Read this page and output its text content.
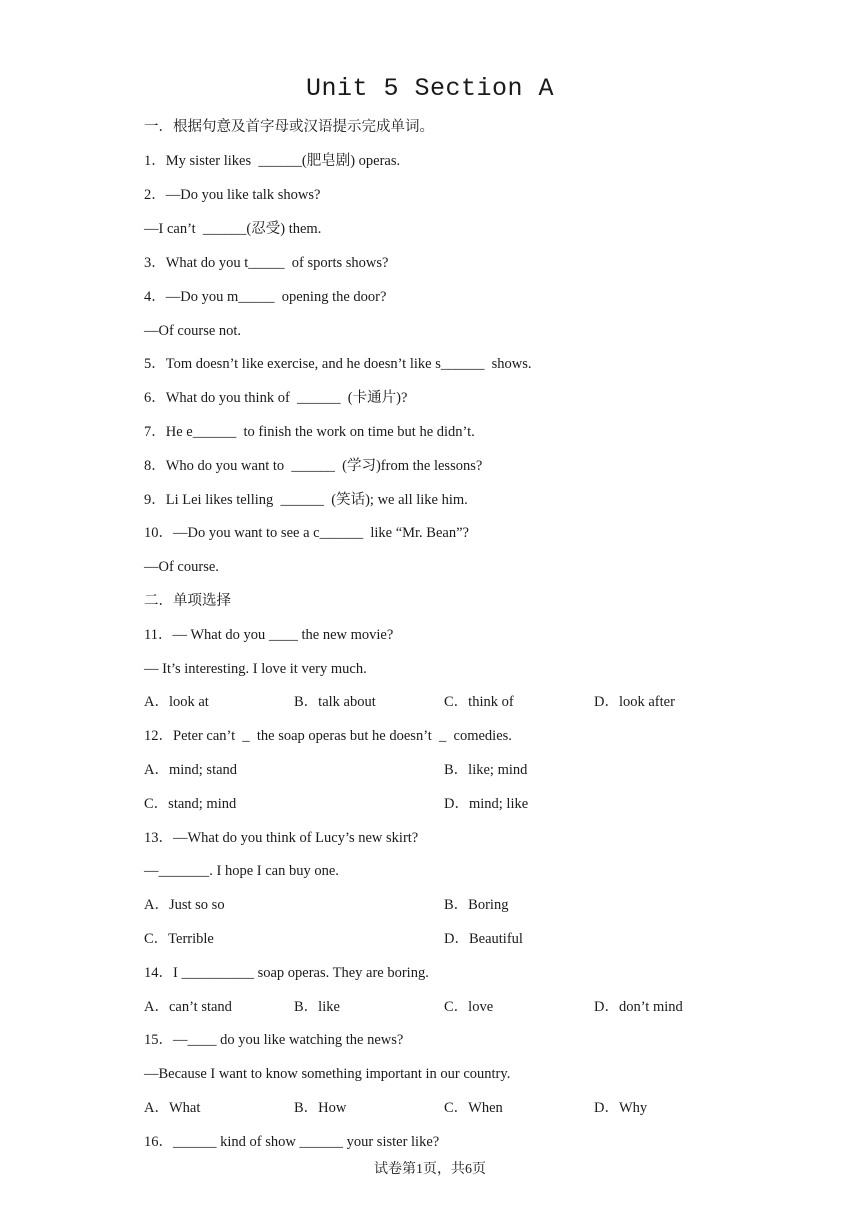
Unit 5 Section A
一．根据句意及首字母或汉语提示完成单词。
1．My sister likes  ______(肥皂剧) operas.
2．—Do you like talk shows?
—I can’t  ______(忍受) them.
3．What do you t_____  of sports shows?
4．—Do you m_____  opening the door?
—Of course not.
5．Tom doesn’t like exercise, and he doesn’t like s______  shows.
6．What do you think of  ______  (卡通片)?
7．He e______  to finish the work on time but he didn’t.
8．Who do you want to  ______  (学习)from the lessons?
9．Li Lei likes telling  ______  (笑话); we all like him.
10．—Do you want to see a c______  like “Mr. Bean”?
—Of course.
二．单项选择
11．— What do you ____ the new movie?
— It’s interesting. I love it very much.
A．look at	B．talk about	C．think of	D．look after
12．Peter can’t  _  the soap operas but he doesn’t  _  comedies.
A．mind; stand	B．like; mind
C．stand; mind	D．mind; like
13．—What do you think of Lucy’s new skirt?
—_______. I hope I can buy one.
A．Just so so	B．Boring
C．Terrible	D．Beautiful
14．I __________ soap operas. They are boring.
A．can’t stand	B．like	C．love	D．don’t mind
15．—____ do you like watching the news?
—Because I want to know something important in our country.
A．What	B．How	C．When	D．Why
16．______ kind of show ______ your sister like?
试卷第1页，共6页
